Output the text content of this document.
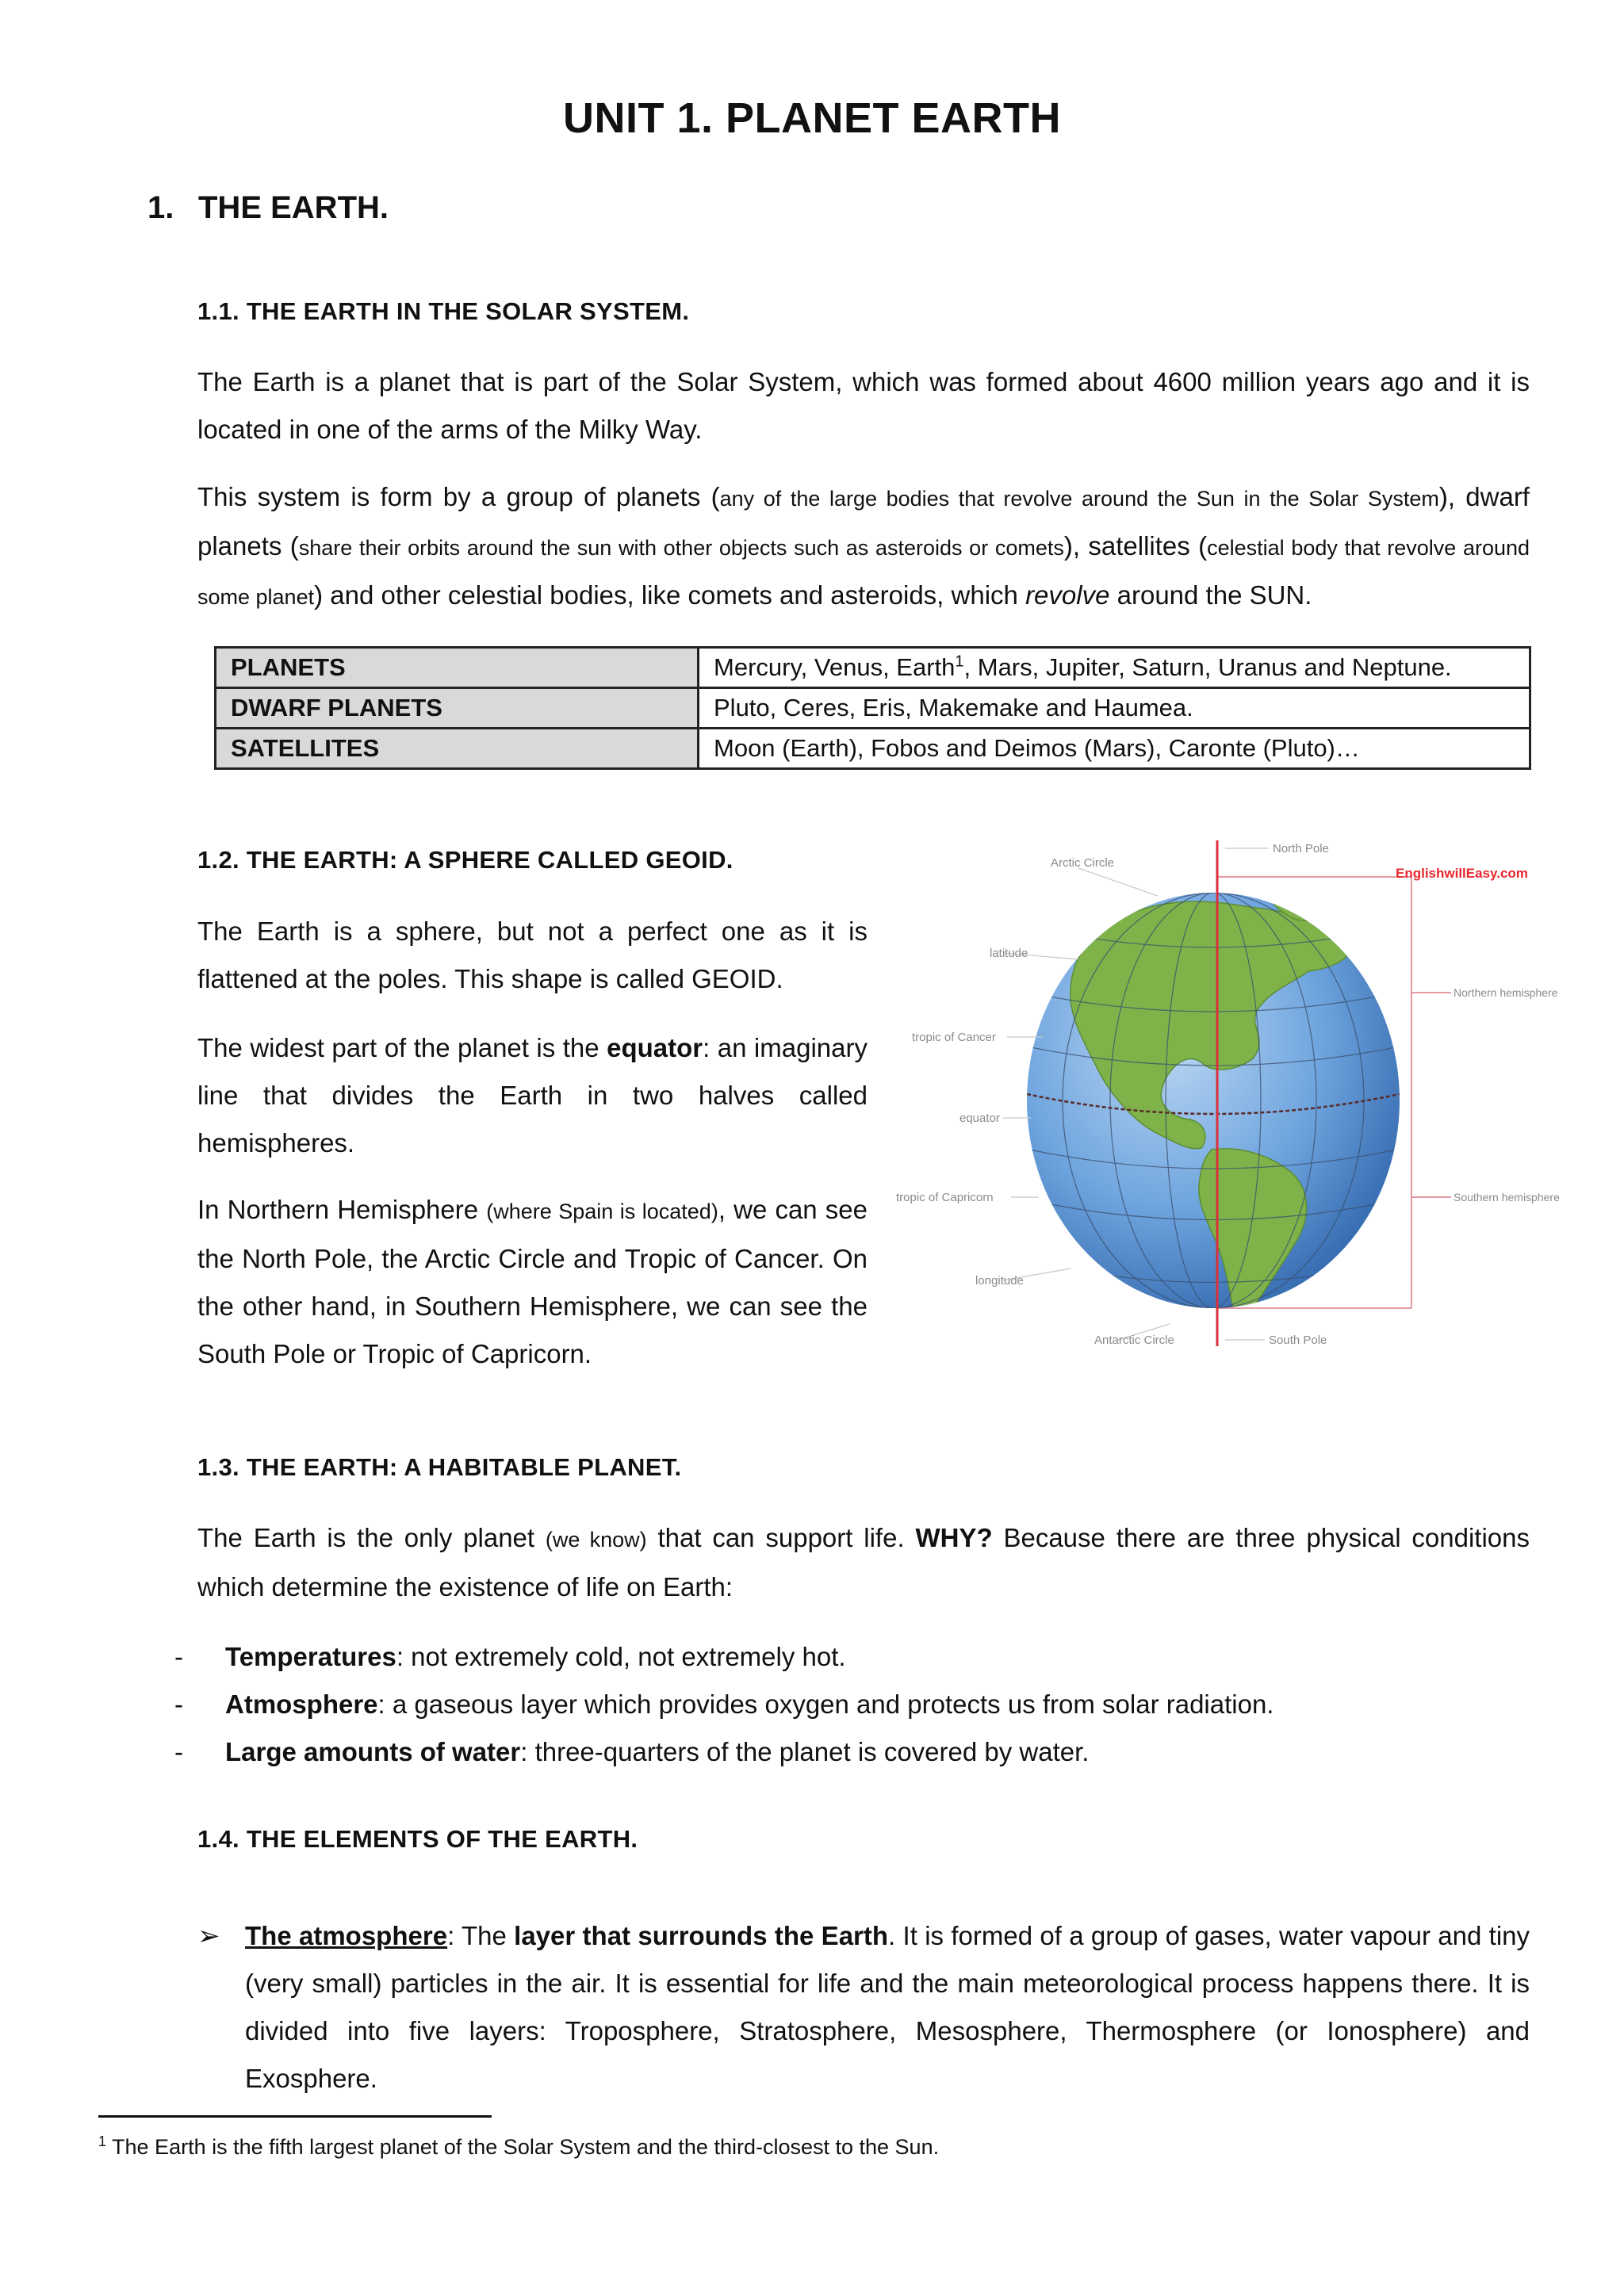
UNIT 1. PLANET EARTH
1. THE EARTH.
1.1. THE EARTH IN THE SOLAR SYSTEM.
The Earth is a planet that is part of the Solar System, which was formed about 4600 million years ago and it is located in one of the arms of the Milky Way.
This system is form by a group of planets (any of the large bodies that revolve around the Sun in the Solar System), dwarf planets (share their orbits around the sun with other objects such as asteroids or comets), satellites (celestial body that revolve around some planet) and other celestial bodies, like comets and asteroids, which revolve around the SUN.
PLANETS	Mercury, Venus, Earth$^1$, Mars, Jupiter, Saturn, Uranus and Neptune.
DWARF PLANETS	Pluto, Ceres, Eris, Makemake and Haumea.
SATELLITES	Moon (Earth), Fobos and Deimos (Mars), Caronte (Pluto)…
1.2. THE EARTH: A SPHERE CALLED GEOID.
The Earth is a sphere, but not a perfect one as it is flattened at the poles. This shape is called GEOID.
The widest part of the planet is the equator: an imaginary line that divides the Earth in two halves called hemispheres.
In Northern Hemisphere (where Spain is located), we can see the North Pole, the Arctic Circle and Tropic of Cancer. On the other hand, in Southern Hemisphere, we can see the South Pole or Tropic of Capricorn.
Arctic Circle
North Pole
EnglishwillEasy.com
latitude
Northern hemisphere
tropic of Cancer
equator
tropic of Capricorn	Southern hemisphere
longitude
Antarctic Circle	South Pole
1.3. THE EARTH: A HABITABLE PLANET.
The Earth is the only planet (we know) that can support life. WHY? Because there are three physical conditions which determine the existence of life on Earth:
- Temperatures: not extremely cold, not extremely hot.
- Atmosphere: a gaseous layer which provides oxygen and protects us from solar radiation.
- Large amounts of water: three-quarters of the planet is covered by water.
1.4. THE ELEMENTS OF THE EARTH.
➢ The atmosphere: The layer that surrounds the Earth. It is formed of a group of gases, water vapour and tiny (very small) particles in the air. It is essential for life and the main meteorological process happens there. It is divided into five layers: Troposphere, Stratosphere, Mesosphere, Thermosphere (or Ionosphere) and Exosphere.
$^1$ The Earth is the fifth largest planet of the Solar System and the third-closest to the Sun.
